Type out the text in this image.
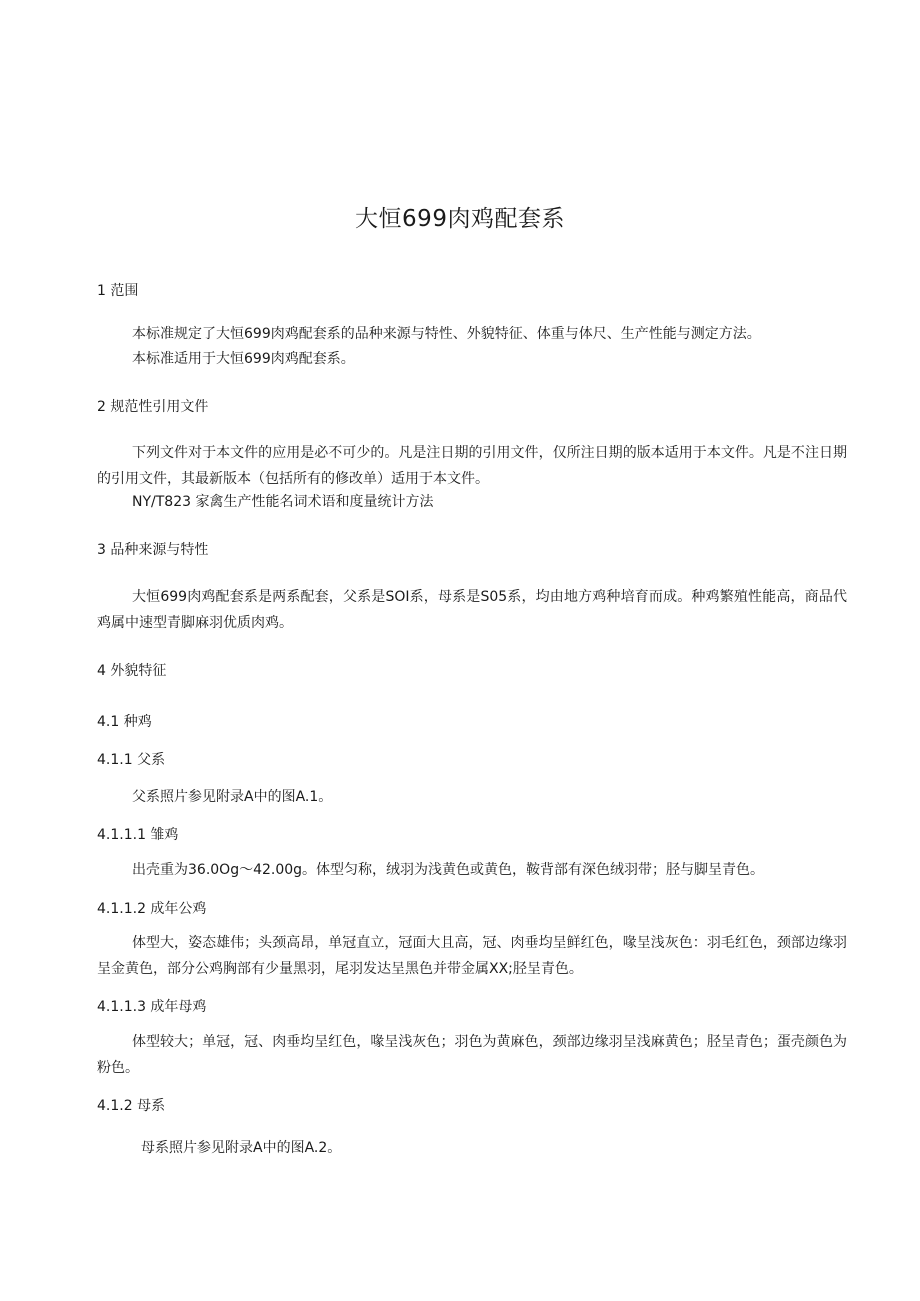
大恒699肉鸡配套系
1 范围
本标准规定了大恒699肉鸡配套系的品种来源与特性、外貌特征、体重与体尺、生产性能与测定方法。
本标准适用于大恒699肉鸡配套系。
2 规范性引用文件
下列文件对于本文件的应用是必不可少的。凡是注日期的引用文件，仅所注日期的版本适用于本文件。凡是不注日期的引用文件，其最新版本（包括所有的修改单）适用于本文件。
NY/T823 家禽生产性能名词术语和度量统计方法
3 品种来源与特性
大恒699肉鸡配套系是两系配套，父系是SOI系，母系是S05系，均由地方鸡种培育而成。种鸡繁殖性能高，商品代鸡属中速型青脚麻羽优质肉鸡。
4 外貌特征
4.1 种鸡
4.1.1 父系
父系照片参见附录A中的图A.1。
4.1.1.1 雏鸡
出壳重为36.0Og～42.00g。体型匀称，绒羽为浅黄色或黄色，鞍背部有深色绒羽带；胫与脚呈青色。
4.1.1.2 成年公鸡
体型大，姿态雄伟；头颈高昂，单冠直立，冠面大且高，冠、肉垂均呈鲜红色，喙呈浅灰色：羽毛红色，颈部边缘羽呈金黄色，部分公鸡胸部有少量黑羽，尾羽发达呈黑色并带金属XX;胫呈青色。
4.1.1.3 成年母鸡
体型较大；单冠，冠、肉垂均呈红色，喙呈浅灰色；羽色为黄麻色，颈部边缘羽呈浅麻黄色；胫呈青色；蛋壳颜色为粉色。
4.1.2 母系
母系照片参见附录A中的图A.2。
